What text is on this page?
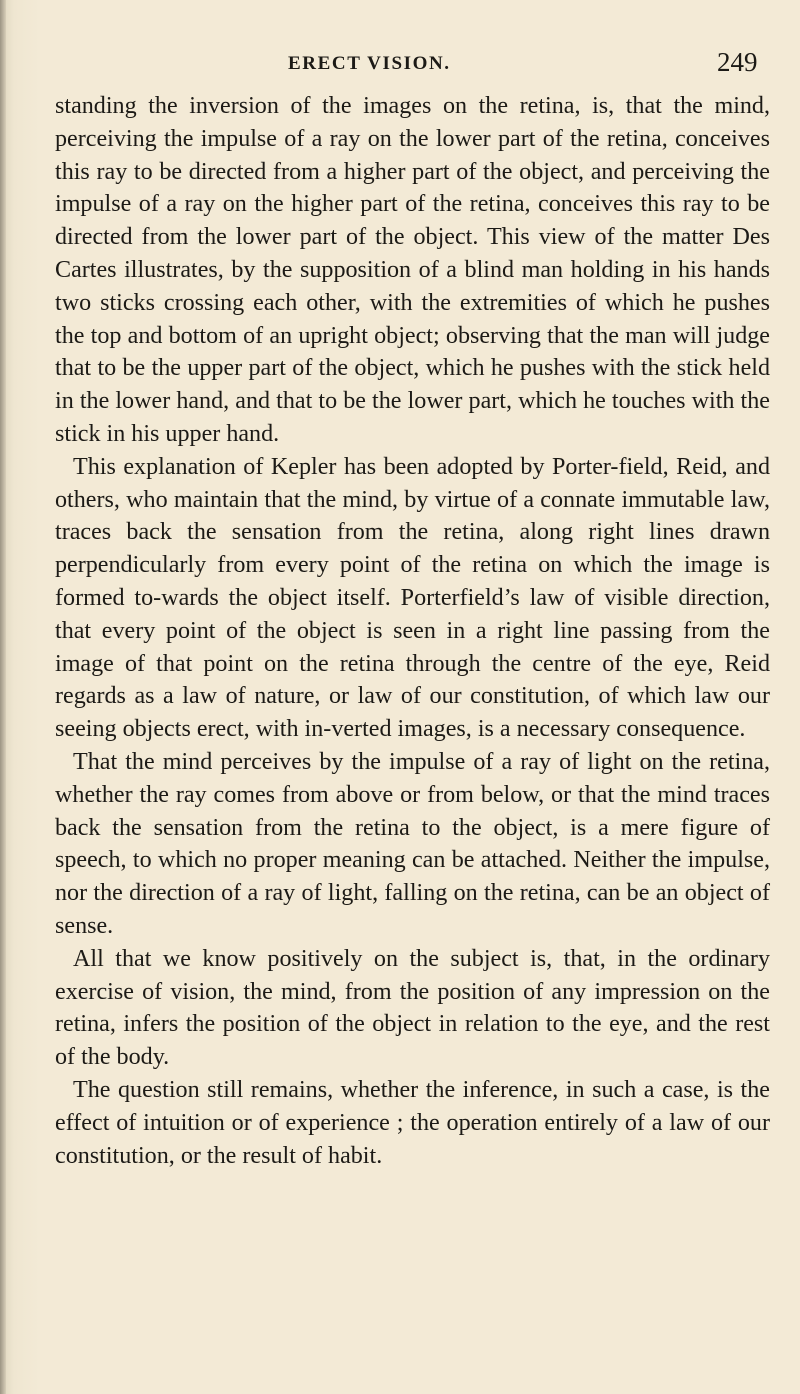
ERECT VISION.	249

standing the inversion of the images on the retina, is, that the mind, perceiving the impulse of a ray on the lower part of the retina, conceives this ray to be directed from a higher part of the object, and perceiving the impulse of a ray on the higher part of the retina, conceives this ray to be directed from the lower part of the object. This view of the matter Des Cartes illustrates, by the supposition of a blind man holding in his hands two sticks crossing each other, with the extremities of which he pushes the top and bottom of an upright object; observing that the man will judge that to be the upper part of the object, which he pushes with the stick held in the lower hand, and that to be the lower part, which he touches with the stick in his upper hand.

This explanation of Kepler has been adopted by Porter-field, Reid, and others, who maintain that the mind, by virtue of a connate immutable law, traces back the sensation from the retina, along right lines drawn perpendicularly from every point of the retina on which the image is formed to-wards the object itself. Porterfield’s law of visible direction, that every point of the object is seen in a right line passing from the image of that point on the retina through the centre of the eye, Reid regards as a law of nature, or law of our constitution, of which law our seeing objects erect, with in-verted images, is a necessary consequence.

That the mind perceives by the impulse of a ray of light on the retina, whether the ray comes from above or from below, or that the mind traces back the sensation from the retina to the object, is a mere figure of speech, to which no proper meaning can be attached. Neither the impulse, nor the direction of a ray of light, falling on the retina, can be an object of sense.

All that we know positively on the subject is, that, in the ordinary exercise of vision, the mind, from the position of any impression on the retina, infers the position of the object in relation to the eye, and the rest of the body.

The question still remains, whether the inference, in such a case, is the effect of intuition or of experience ; the operation entirely of a law of our constitution, or the result of habit.
